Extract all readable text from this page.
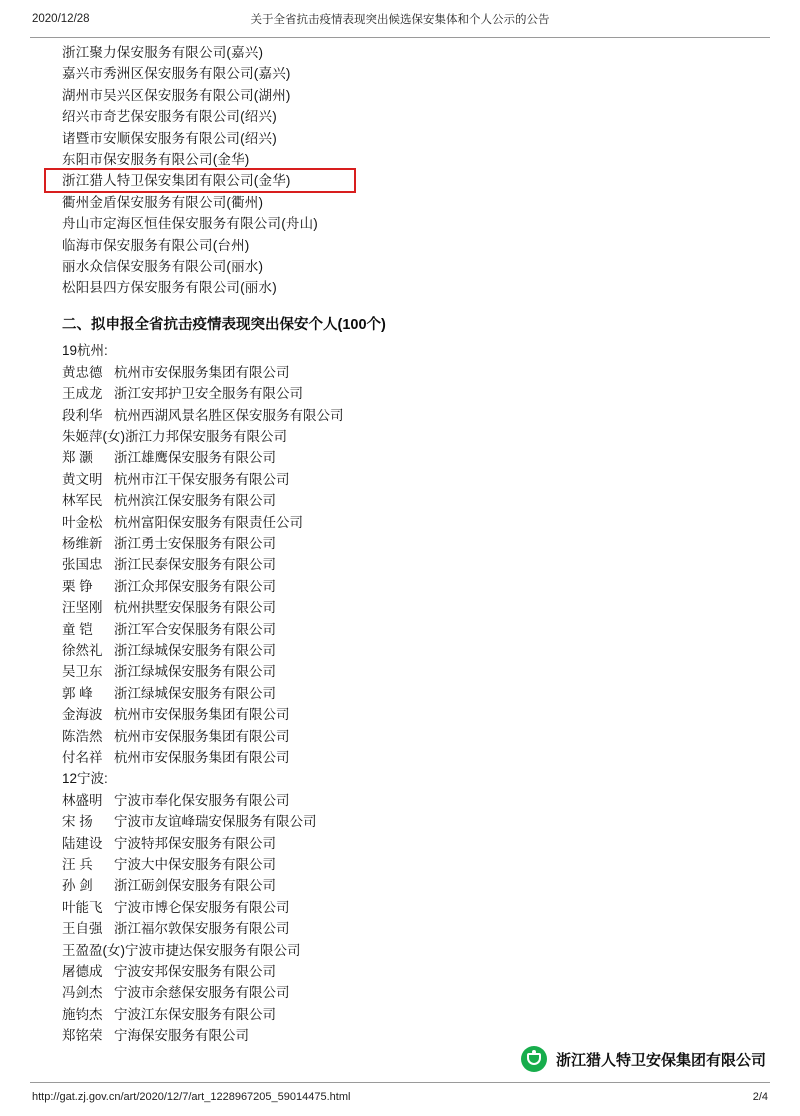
2020/12/28	关于全省抗击疫情表现突出候选保安集体和个人公示的公告
浙江聚力保安服务有限公司(嘉兴)
嘉兴市秀洲区保安服务有限公司(嘉兴)
湖州市吴兴区保安服务有限公司(湖州)
绍兴市奇艺保安服务有限公司(绍兴)
诸暨市安顺保安服务有限公司(绍兴)
东阳市保安服务有限公司(金华)
浙江猎人特卫保安集团有限公司(金华)
衢州金盾保安服务有限公司(衢州)
舟山市定海区恒佳保安服务有限公司(舟山)
临海市保安服务有限公司(台州)
丽水众信保安服务有限公司(丽水)
松阳县四方保安服务有限公司(丽水)
二、拟申报全省抗击疫情表现突出保安个人(100个)
19杭州:
黄忠德 杭州市安保服务集团有限公司
王成龙 浙江安邦护卫安全服务有限公司
段利华 杭州西湖风景名胜区保安服务有限公司
朱姬萍(女)浙江力邦保安服务有限公司
郑 灏 浙江雄鹰保安服务有限公司
黄文明 杭州市江干保安服务有限公司
林军民 杭州滨江保安服务有限公司
叶金松 杭州富阳保安服务有限责任公司
杨维新 浙江勇士安保服务有限公司
张国忠 浙江民泰保安服务有限公司
栗 铮 浙江众邦保安服务有限公司
汪坚刚 杭州拱墅安保服务有限公司
童 铠 浙江军合安保服务有限公司
徐然礼 浙江绿城保安服务有限公司
吴卫东 浙江绿城保安服务有限公司
郭 峰 浙江绿城保安服务有限公司
金海波 杭州市安保服务集团有限公司
陈浩然 杭州市安保服务集团有限公司
付名祥 杭州市安保服务集团有限公司
12宁波:
林盛明 宁波市奉化保安服务有限公司
宋 扬 宁波市友谊峰瑞安保服务有限公司
陆建设 宁波特邦保安服务有限公司
汪 兵 宁波大中保安服务有限公司
孙 剑 浙江砺剑保安服务有限公司
叶能飞 宁波市博仑保安服务有限公司
王自强 浙江福尔敦保安服务有限公司
王盈盈(女)宁波市捷达保安服务有限公司
屠德成 宁波安邦保安服务有限公司
冯剑杰 宁波市余慈保安服务有限公司
施钧杰 宁波江东保安服务有限公司
郑铭荣 宁海保安服务有限公司
浙江猎人特卫安保集团有限公司
http://gat.zj.gov.cn/art/2020/12/7/art_1228967205_59014475.html	2/4
